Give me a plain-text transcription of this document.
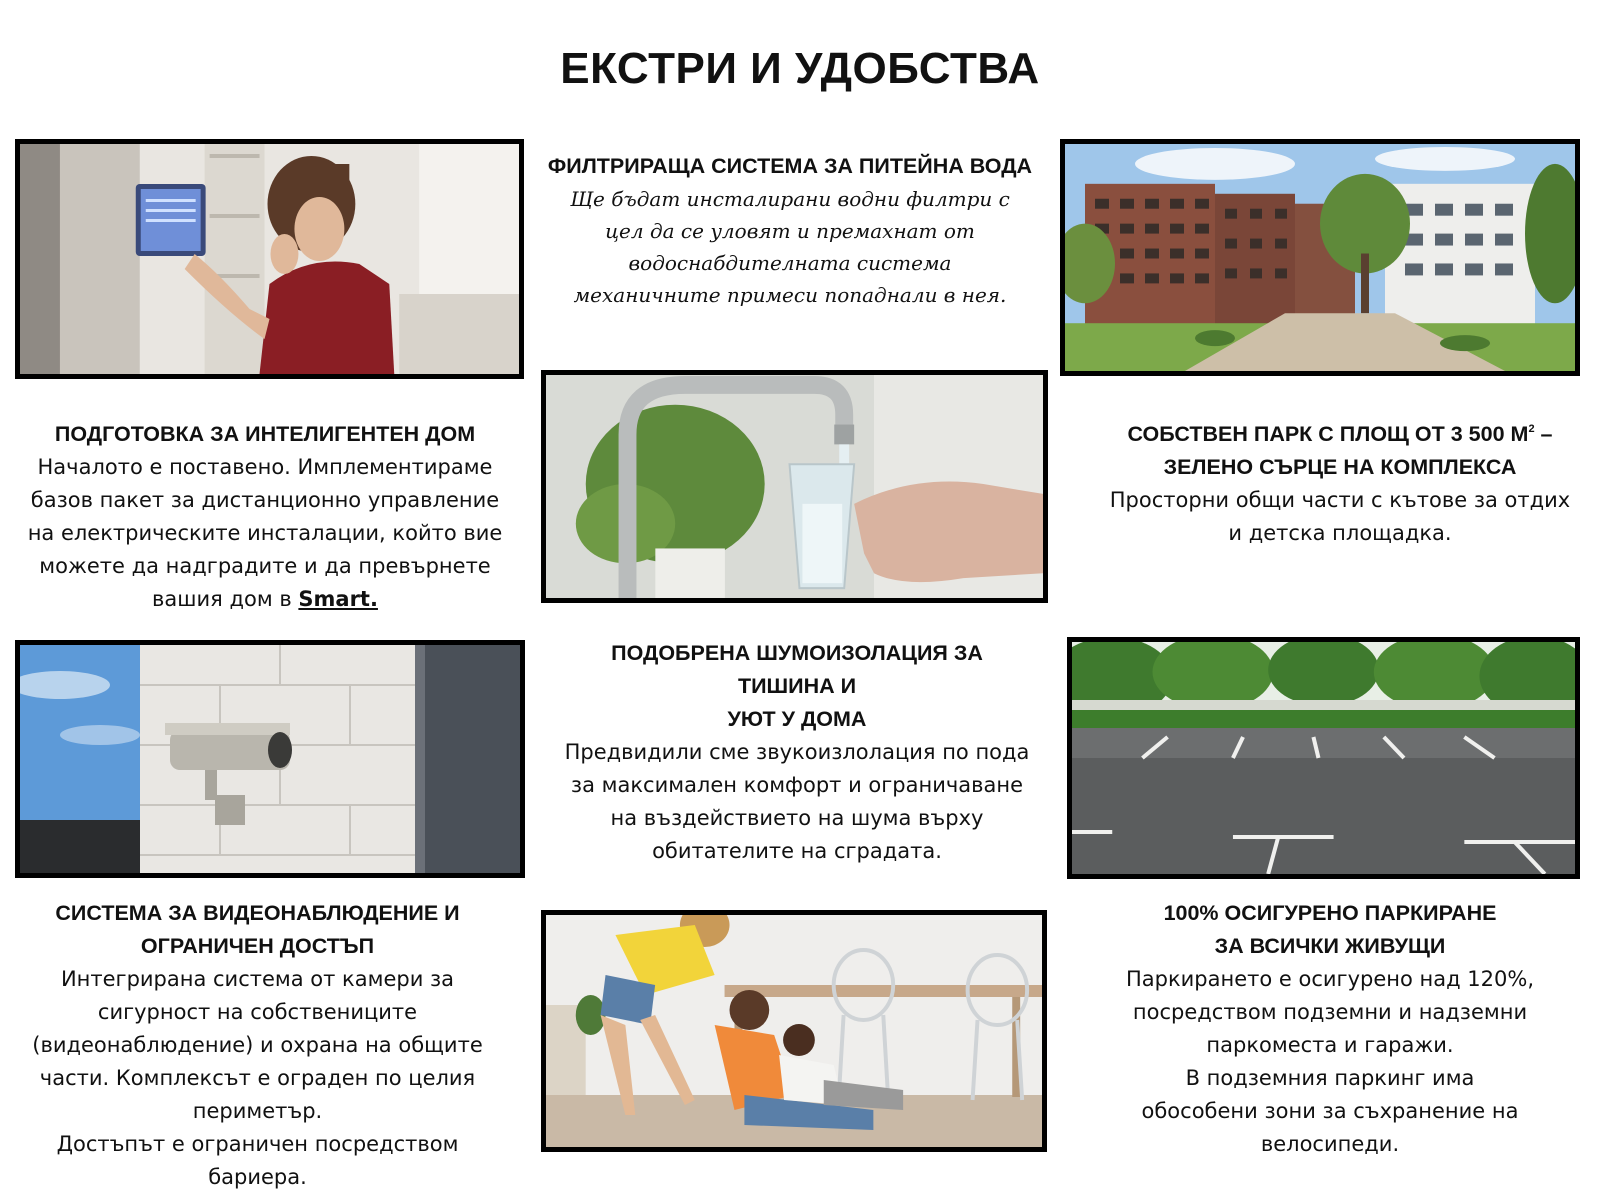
ЕКСТРИ И УДОБСТВА
ФИЛТРИРАЩА СИСТЕМА ЗА ПИТЕЙНА ВОДА
Ще бъдат инсталирани водни филтри с
цел да се уловят и премахнат от
водоснабдителната система
механичните примеси попаднали в нея.
ПОДГОТОВКА ЗА ИНТЕЛИГЕНТЕН ДОМ
Началото е поставено. Имплементираме
базов пакет за дистанционно управление
на електрическите инсталации, който вие
можете да надградите и да превърнете
вашия дом в Smart.
СОБСТВЕН ПАРК С ПЛОЩ ОТ 3 500 $М^2$ –
ЗЕЛЕНО СЪРЦЕ НА КОМПЛЕКСА
Просторни общи части с кътове за отдих
и детска площадка.
ПОДОБРЕНА ШУМОИЗОЛАЦИЯ ЗА
ТИШИНА И
УЮТ У ДОМА
Предвидили сме звукоизлолация по пода
за максимален комфорт и ограничаване
на въздействието на шума върху
обитателите на сградата.
СИСТЕМА ЗА ВИДЕОНАБЛЮДЕНИЕ И
ОГРАНИЧЕН ДОСТЪП
Интегрирана система от камери за
сигурност на собствениците
(видеонаблюдение) и охрана на общите
части. Комплексът е ограден по целия
периметър.
Достъпът е ограничен посредством
бариера.
100% ОСИГУРЕНО ПАРКИРАНЕ
ЗА ВСИЧКИ ЖИВУЩИ
Паркирането е осигурено над 120%,
посредством подземни и надземни
паркоместа и гаражи.
В подземния паркинг има
обособени зони за съхранение на
велосипеди.
